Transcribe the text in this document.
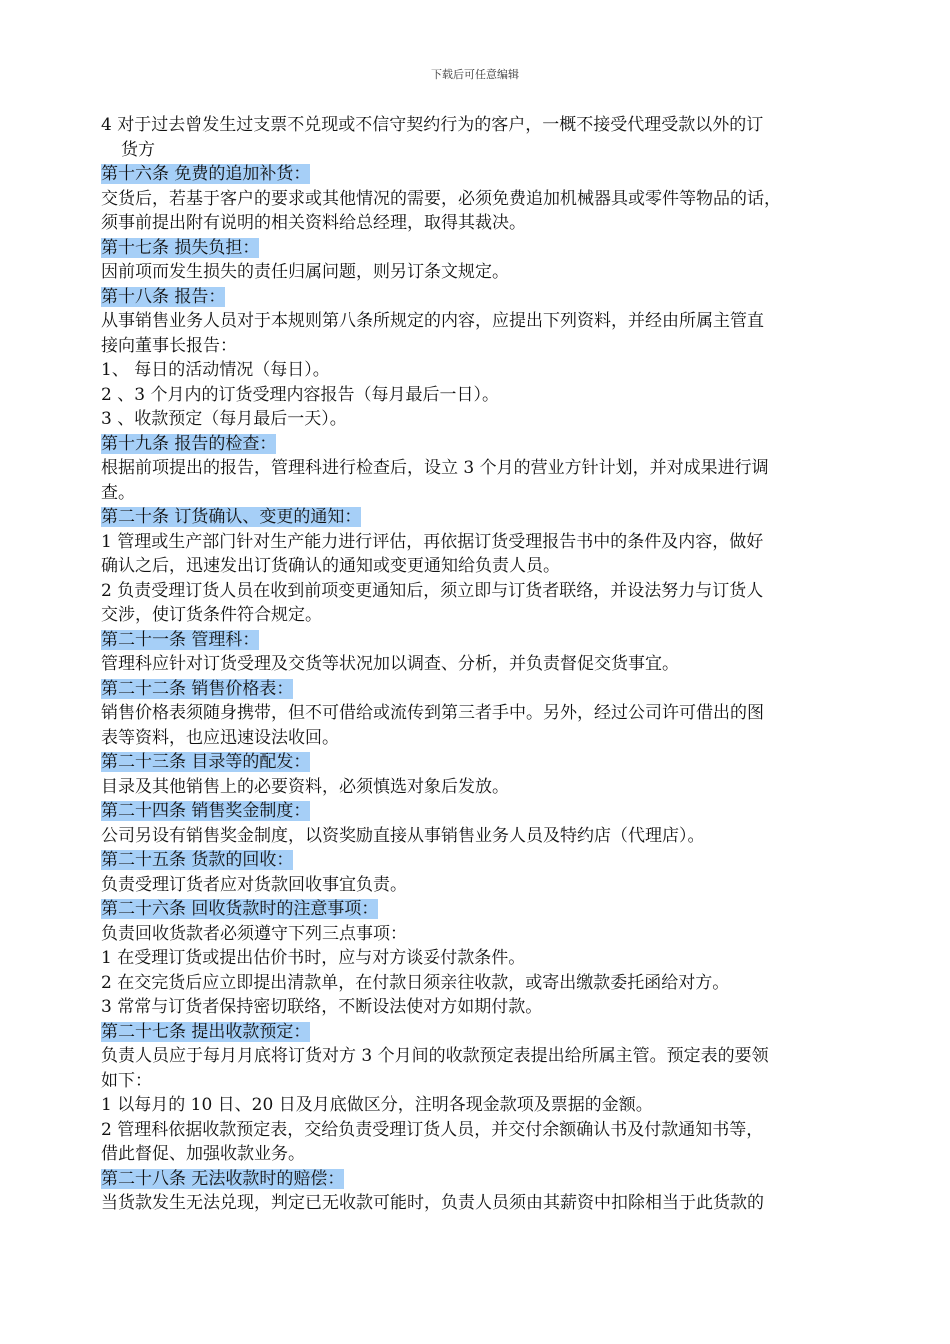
下载后可任意编辑
4 对于过去曾发生过支票不兑现或不信守契约行为的客户，一概不接受代理受款以外的订
货方
第十六条 免费的追加补货：
交货后，若基于客户的要求或其他情况的需要，必须免费追加机械器具或零件等物品的话，
须事前提出附有说明的相关资料给总经理，取得其裁决。
第十七条 损失负担：
因前项而发生损失的责任归属问题，则另订条文规定。
第十八条 报告：
从事销售业务人员对于本规则第八条所规定的内容，应提出下列资料，并经由所属主管直
接向董事长报告：
1、 每日的活动情况（每日）。
2 、3 个月内的订货受理内容报告（每月最后一日）。
3 、收款预定（每月最后一天）。
第十九条 报告的检查：
根据前项提出的报告，管理科进行检查后，设立 3 个月的营业方针计划，并对成果进行调
查。
第二十条 订货确认、变更的通知：
1 管理或生产部门针对生产能力进行评估，再依据订货受理报告书中的条件及内容，做好
确认之后，迅速发出订货确认的通知或变更通知给负责人员。
2 负责受理订货人员在收到前项变更通知后，须立即与订货者联络，并设法努力与订货人
交涉，使订货条件符合规定。
第二十一条 管理科：
管理科应针对订货受理及交货等状况加以调查、分析，并负责督促交货事宜。
第二十二条 销售价格表：
销售价格表须随身携带，但不可借给或流传到第三者手中。另外，经过公司许可借出的图
表等资料，也应迅速设法收回。
第二十三条 目录等的配发：
目录及其他销售上的必要资料，必须慎选对象后发放。
第二十四条 销售奖金制度：
公司另设有销售奖金制度，以资奖励直接从事销售业务人员及特约店（代理店）。
第二十五条 货款的回收：
负责受理订货者应对货款回收事宜负责。
第二十六条 回收货款时的注意事项：
负责回收货款者必须遵守下列三点事项：
1 在受理订货或提出估价书时，应与对方谈妥付款条件。
2 在交完货后应立即提出清款单，在付款日须亲往收款，或寄出缴款委托函给对方。
3 常常与订货者保持密切联络，不断设法使对方如期付款。
第二十七条 提出收款预定：
负责人员应于每月月底将订货对方 3 个月间的收款预定表提出给所属主管。预定表的要领
如下：
1 以每月的 10 日、20 日及月底做区分，注明各现金款项及票据的金额。
2 管理科依据收款预定表，交给负责受理订货人员，并交付余额确认书及付款通知书等，
借此督促、加强收款业务。
第二十八条 无法收款时的赔偿：
当货款发生无法兑现，判定已无收款可能时，负责人员须由其薪资中扣除相当于此货款的
